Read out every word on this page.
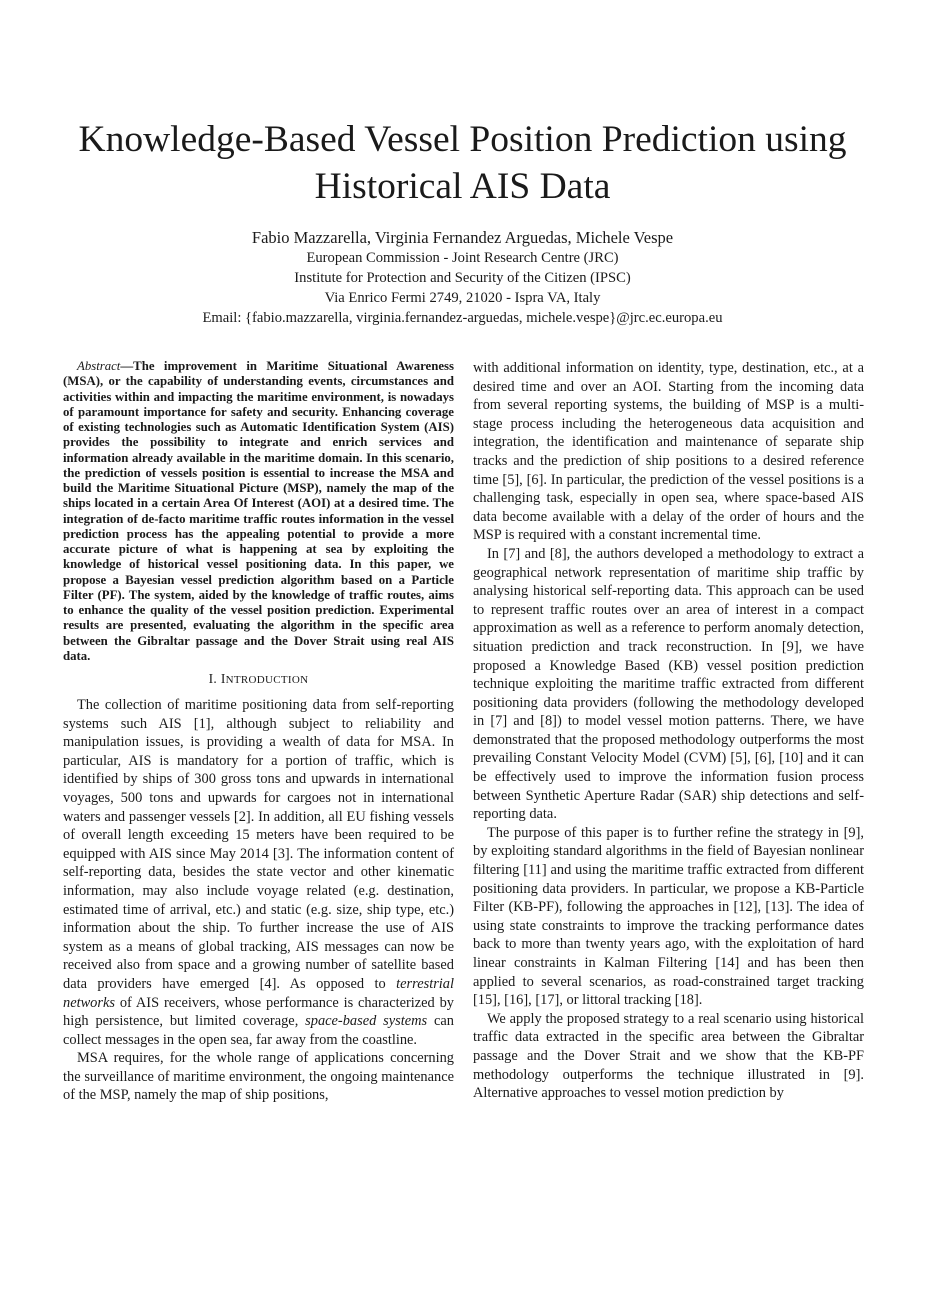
Knowledge-Based Vessel Position Prediction using
Historical AIS Data
Fabio Mazzarella, Virginia Fernandez Arguedas, Michele Vespe
European Commission - Joint Research Centre (JRC)
Institute for Protection and Security of the Citizen (IPSC)
Via Enrico Fermi 2749, 21020 - Ispra VA, Italy
Email: {fabio.mazzarella, virginia.fernandez-arguedas, michele.vespe}@jrc.ec.europa.eu

Abstract—The improvement in Maritime Situational Awareness (MSA), or the capability of understanding events, circumstances and activities within and impacting the maritime environment, is nowadays of paramount importance for safety and security. Enhancing coverage of existing technologies such as Automatic Identification System (AIS) provides the possibility to integrate and enrich services and information already available in the maritime domain. In this scenario, the prediction of vessels position is essential to increase the MSA and build the Maritime Situational Picture (MSP), namely the map of the ships located in a certain Area Of Interest (AOI) at a desired time. The integration of de-facto maritime traffic routes information in the vessel prediction process has the appealing potential to provide a more accurate picture of what is happening at sea by exploiting the knowledge of historical vessel positioning data. In this paper, we propose a Bayesian vessel prediction algorithm based on a Particle Filter (PF). The system, aided by the knowledge of traffic routes, aims to enhance the quality of the vessel position prediction. Experimental results are presented, evaluating the algorithm in the specific area between the Gibraltar passage and the Dover Strait using real AIS data.

I. INTRODUCTION

The collection of maritime positioning data from self-reporting systems such AIS [1], although subject to reliability and manipulation issues, is providing a wealth of data for MSA. In particular, AIS is mandatory for a portion of traffic, which is identified by ships of 300 gross tons and upwards in international voyages, 500 tons and upwards for cargoes not in international waters and passenger vessels [2]. In addition, all EU fishing vessels of overall length exceeding 15 meters have been required to be equipped with AIS since May 2014 [3]. The information content of self-reporting data, besides the state vector and other kinematic information, may also include voyage related (e.g. destination, estimated time of arrival, etc.) and static (e.g. size, ship type, etc.) information about the ship. To further increase the use of AIS system as a means of global tracking, AIS messages can now be received also from space and a growing number of satellite based data providers have emerged [4]. As opposed to terrestrial networks of AIS receivers, whose performance is characterized by high persistence, but limited coverage, space-based systems can collect messages in the open sea, far away from the coastline.

MSA requires, for the whole range of applications concerning the surveillance of maritime environment, the ongoing maintenance of the MSP, namely the map of ship positions,

with additional information on identity, type, destination, etc., at a desired time and over an AOI. Starting from the incoming data from several reporting systems, the building of MSP is a multi-stage process including the heterogeneous data acquisition and integration, the identification and maintenance of separate ship tracks and the prediction of ship positions to a desired reference time [5], [6]. In particular, the prediction of the vessel positions is a challenging task, especially in open sea, where space-based AIS data become available with a delay of the order of hours and the MSP is required with a constant incremental time.

In [7] and [8], the authors developed a methodology to extract a geographical network representation of maritime ship traffic by analysing historical self-reporting data. This approach can be used to represent traffic routes over an area of interest in a compact approximation as well as a reference to perform anomaly detection, situation prediction and track reconstruction. In [9], we have proposed a Knowledge Based (KB) vessel position prediction technique exploiting the maritime traffic extracted from different positioning data providers (following the methodology developed in [7] and [8]) to model vessel motion patterns. There, we have demonstrated that the proposed methodology outperforms the most prevailing Constant Velocity Model (CVM) [5], [6], [10] and it can be effectively used to improve the information fusion process between Synthetic Aperture Radar (SAR) ship detections and self-reporting data.

The purpose of this paper is to further refine the strategy in [9], by exploiting standard algorithms in the field of Bayesian nonlinear filtering [11] and using the maritime traffic extracted from different positioning data providers. In particular, we propose a KB-Particle Filter (KB-PF), following the approaches in [12], [13]. The idea of using state constraints to improve the tracking performance dates back to more than twenty years ago, with the exploitation of hard linear constraints in Kalman Filtering [14] and has been then applied to several scenarios, as road-constrained target tracking [15], [16], [17], or littoral tracking [18].

We apply the proposed strategy to a real scenario using historical traffic data extracted in the specific area between the Gibraltar passage and the Dover Strait and we show that the KB-PF methodology outperforms the technique illustrated in [9]. Alternative approaches to vessel motion prediction by
